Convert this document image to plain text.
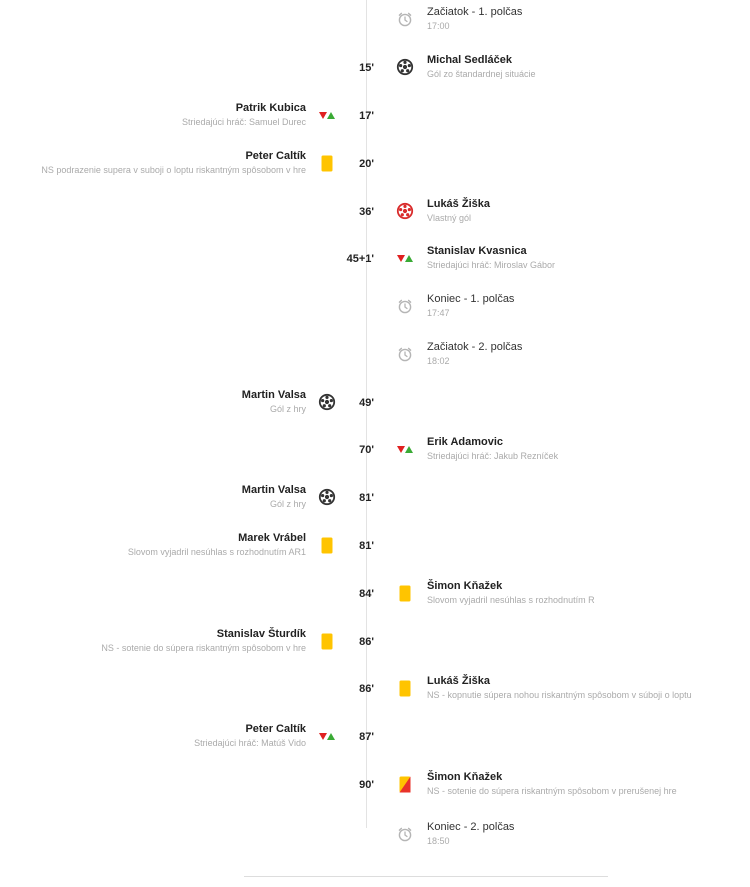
Začiatok - 1. polčas
17:00
15'
Michal Sedláček
Gól zo štandardnej situácie
17'
Patrik Kubica
Striedajúci hráč: Samuel Durec
20'
Peter Caltík
NS podrazenie supera v suboji o loptu riskantným spôsobom v hre
36'
Lukáš Žiška
Vlastný gól
45+1'
Stanislav Kvasnica
Striedajúci hráč: Miroslav Gábor
Koniec - 1. polčas
17:47
Začiatok - 2. polčas
18:02
49'
Martin Valsa
Gól z hry
70'
Erik Adamovic
Striedajúci hráč: Jakub Rezníček
81'
Martin Valsa
Gól z hry
81'
Marek Vrábel
Slovom vyjadril nesúhlas s rozhodnutím AR1
84'
Šimon Kňažek
Slovom vyjadril nesúhlas s rozhodnutím R
86'
Stanislav Šturdík
NS - sotenie do súpera riskantným spôsobom v hre
86'
Lukáš Žiška
NS - kopnutie súpera nohou riskantným spôsobom v súboji o loptu
87'
Peter Caltík
Striedajúci hráč: Matúš Vido
90'
Šimon Kňažek
NS - sotenie do súpera riskantným spôsobom v prerušenej hre
Koniec - 2. polčas
18:50
